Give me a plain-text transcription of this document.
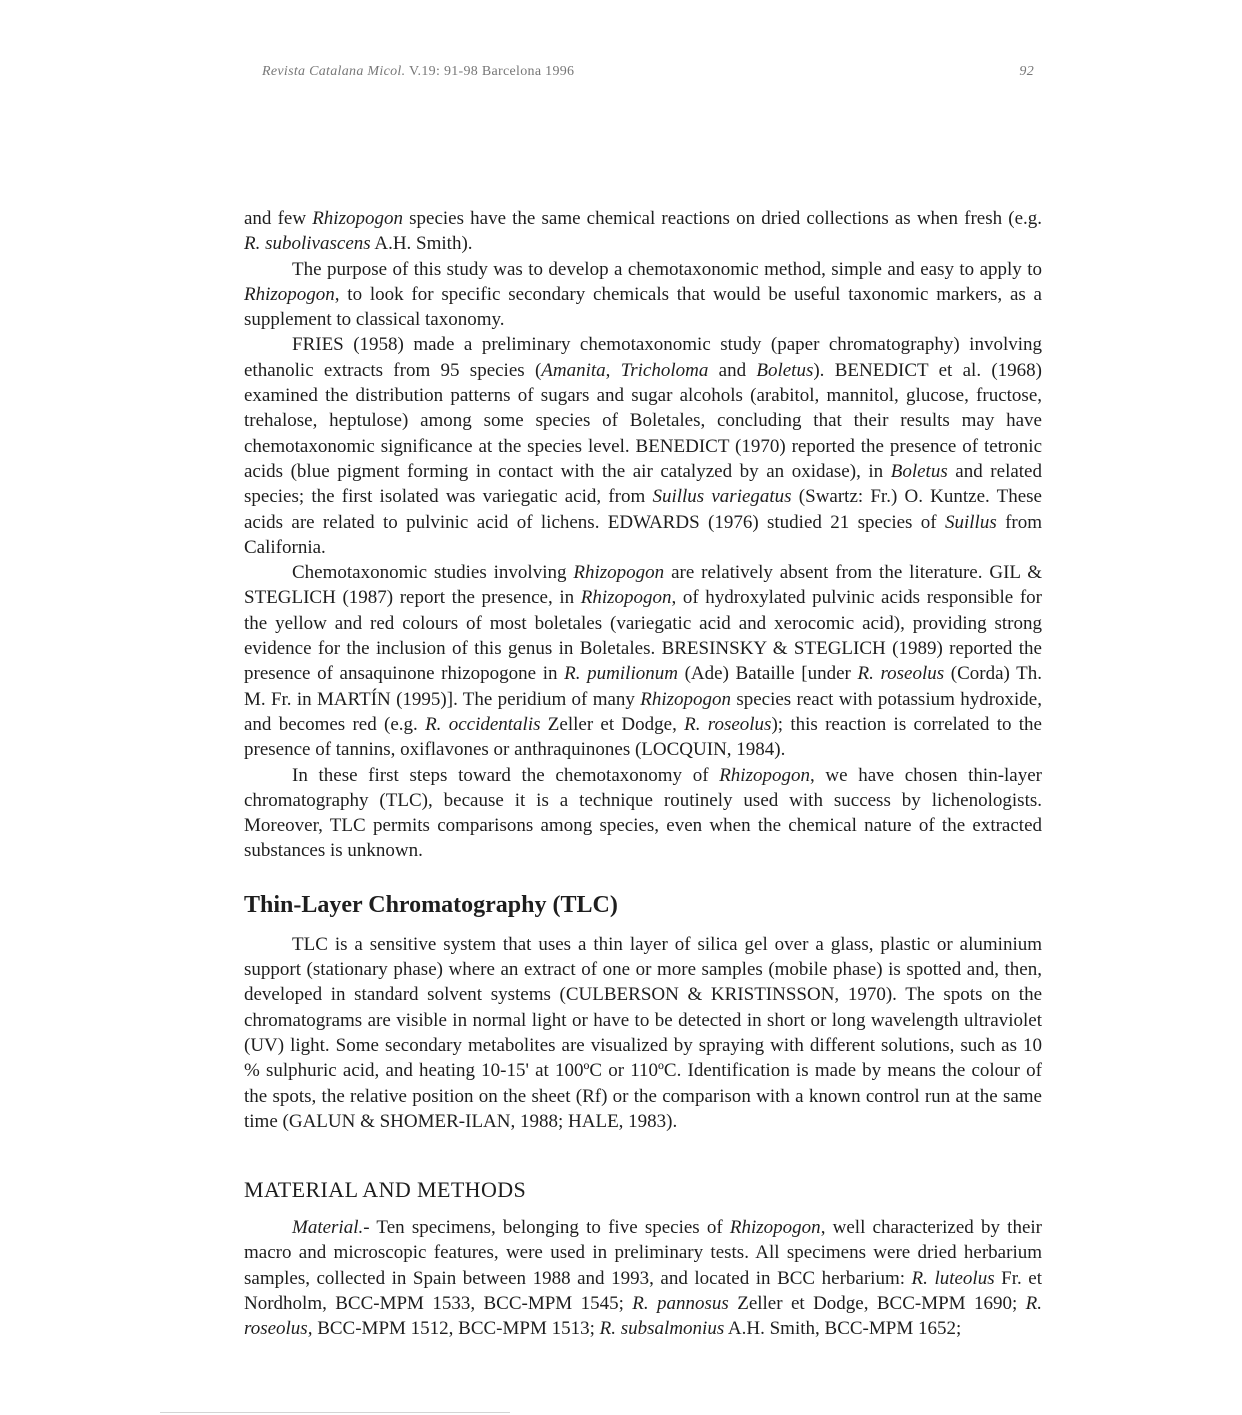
Revista Catalana Micol. V.19: 91-98 Barcelona 1996	92

and few Rhizopogon species have the same chemical reactions on dried collections as when fresh (e.g. R. subolivascens A.H. Smith).

The purpose of this study was to develop a chemotaxonomic method, simple and easy to apply to Rhizopogon, to look for specific secondary chemicals that would be useful taxonomic markers, as a supplement to classical taxonomy.

FRIES (1958) made a preliminary chemotaxonomic study (paper chromatography) involving ethanolic extracts from 95 species (Amanita, Tricholoma and Boletus). BENEDICT et al. (1968) examined the distribution patterns of sugars and sugar alcohols (arabitol, mannitol, glucose, fructose, trehalose, heptulose) among some species of Boletales, concluding that their results may have chemotaxonomic significance at the species level. BENEDICT (1970) reported the presence of tetronic acids (blue pigment forming in contact with the air catalyzed by an oxidase), in Boletus and related species; the first isolated was variegatic acid, from Suillus variegatus (Swartz: Fr.) O. Kuntze. These acids are related to pulvinic acid of lichens. EDWARDS (1976) studied 21 species of Suillus from California.

Chemotaxonomic studies involving Rhizopogon are relatively absent from the literature. GIL & STEGLICH (1987) report the presence, in Rhizopogon, of hydroxylated pulvinic acids responsible for the yellow and red colours of most boletales (variegatic acid and xerocomic acid), providing strong evidence for the inclusion of this genus in Boletales. BRESINSKY & STEGLICH (1989) reported the presence of ansaquinone rhizopogone in R. pumilionum (Ade) Bataille [under R. roseolus (Corda) Th. M. Fr. in MARTÍN (1995)]. The peridium of many Rhizopogon species react with potassium hydroxide, and becomes red (e.g. R. occidentalis Zeller et Dodge, R. roseolus); this reaction is correlated to the presence of tannins, oxiflavones or anthraquinones (LOCQUIN, 1984).

In these first steps toward the chemotaxonomy of Rhizopogon, we have chosen thin-layer chromatography (TLC), because it is a technique routinely used with success by lichenologists. Moreover, TLC permits comparisons among species, even when the chemical nature of the extracted substances is unknown.

Thin-Layer Chromatography (TLC)

TLC is a sensitive system that uses a thin layer of silica gel over a glass, plastic or aluminium support (stationary phase) where an extract of one or more samples (mobile phase) is spotted and, then, developed in standard solvent systems (CULBERSON & KRISTINSSON, 1970). The spots on the chromatograms are visible in normal light or have to be detected in short or long wavelength ultraviolet (UV) light. Some secondary metabolites are visualized by spraying with different solutions, such as 10 % sulphuric acid, and heating 10-15' at 100ºC or 110ºC. Identification is made by means the colour of the spots, the relative position on the sheet (Rf) or the comparison with a known control run at the same time (GALUN & SHOMER-ILAN, 1988; HALE, 1983).

MATERIAL AND METHODS

Material.- Ten specimens, belonging to five species of Rhizopogon, well characterized by their macro and microscopic features, were used in preliminary tests. All specimens were dried herbarium samples, collected in Spain between 1988 and 1993, and located in BCC herbarium: R. luteolus Fr. et Nordholm, BCC-MPM 1533, BCC-MPM 1545; R. pannosus Zeller et Dodge, BCC-MPM 1690; R. roseolus, BCC-MPM 1512, BCC-MPM 1513; R. subsalmonius A.H. Smith, BCC-MPM 1652;
